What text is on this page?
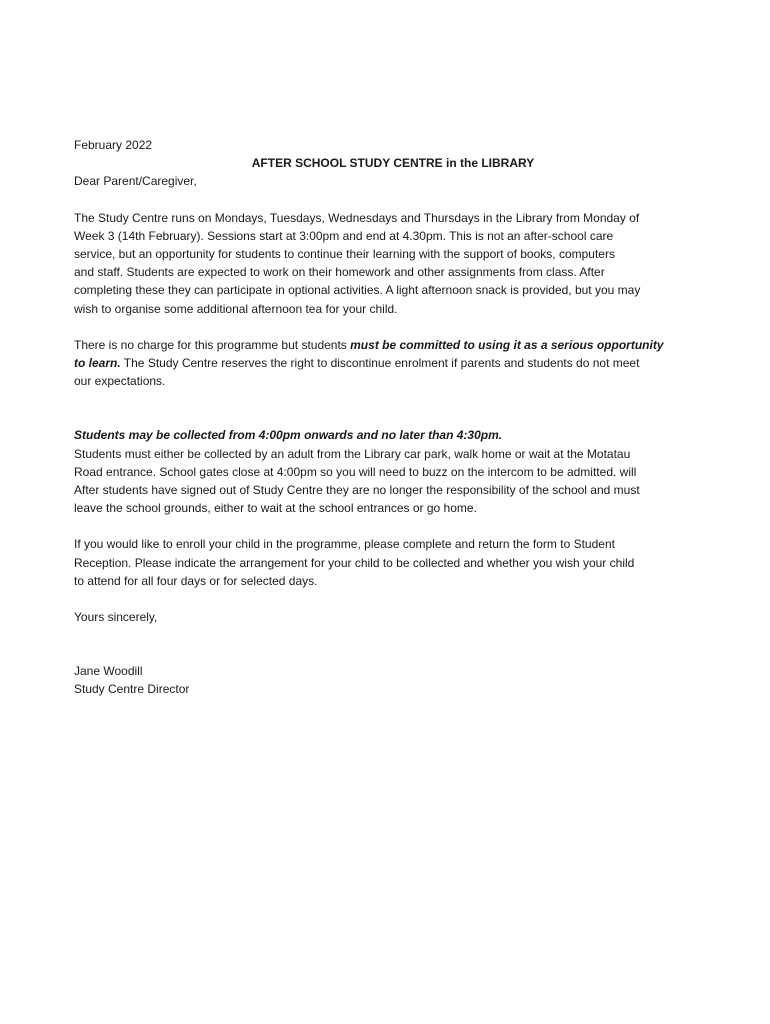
February 2022
AFTER SCHOOL STUDY CENTRE in the LIBRARY
Dear Parent/Caregiver,
The Study Centre runs on Mondays, Tuesdays, Wednesdays and Thursdays in the Library from Monday of
Week 3 (14th February). Sessions start at 3:00pm and end at 4.30pm. This is not an after-school care
service, but an opportunity for students to continue their learning with the support of books, computers
and staff. Students are expected to work on their homework and other assignments from class. After
completing these they can participate in optional activities. A light afternoon snack is provided, but you may
wish to organise some additional afternoon tea for your child.
There is no charge for this programme but students must be committed to using it as a serious opportunity
to learn. The Study Centre reserves the right to discontinue enrolment if parents and students do not meet
our expectations.
Students may be collected from 4:00pm onwards and no later than 4:30pm.
Students must either be collected by an adult from the Library car park, walk home or wait at the Motatau
Road entrance. School gates close at 4:00pm so you will need to buzz on the intercom to be admitted. will
After students have signed out of Study Centre they are no longer the responsibility of the school and must
leave the school grounds, either to wait at the school entrances or go home.
If you would like to enroll your child in the programme, please complete and return the form to Student
Reception. Please indicate the arrangement for your child to be collected and whether you wish your child
to attend for all four days or for selected days.
Yours sincerely,
Jane Woodill
Study Centre Director
